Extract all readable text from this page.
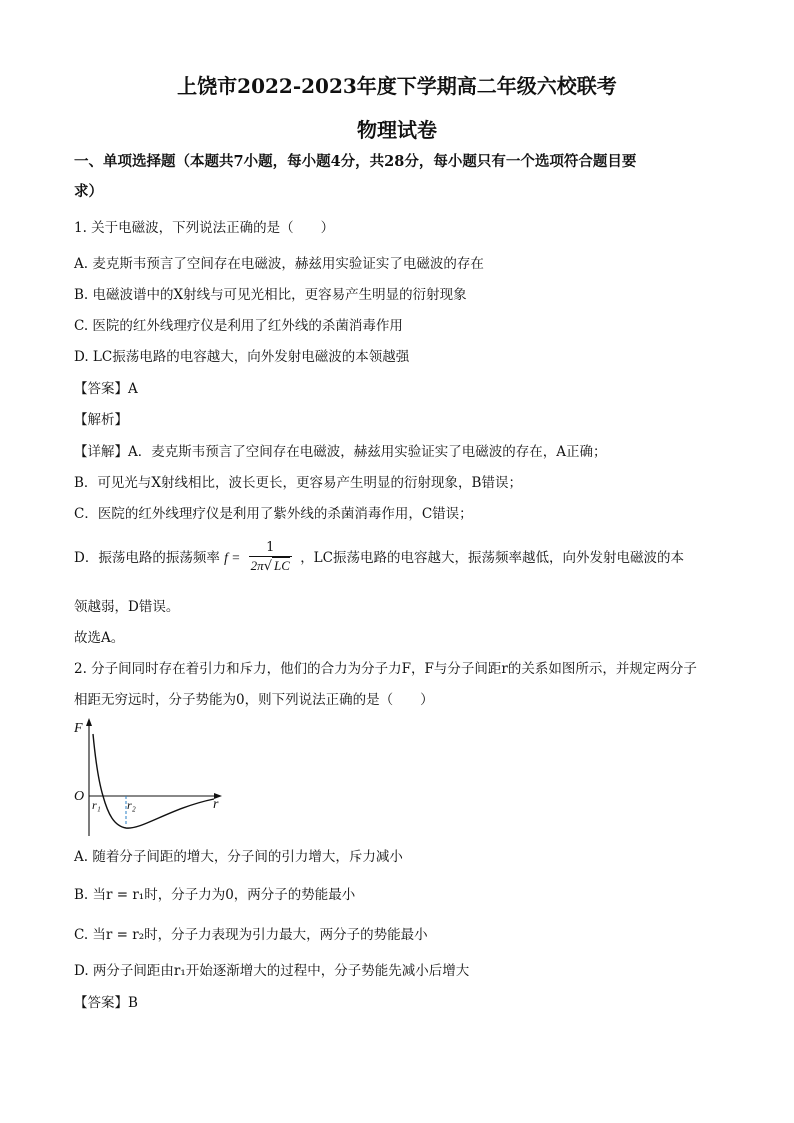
上饶市2022-2023年度下学期高二年级六校联考
物理试卷
一、单项选择题（本题共7小题，每小题4分，共28分，每小题只有一个选项符合题目要
求）
1. 关于电磁波，下列说法正确的是（　　）
A. 麦克斯韦预言了空间存在电磁波，赫兹用实验证实了电磁波的存在
B. 电磁波谱中的X射线与可见光相比，更容易产生明显的衍射现象
C. 医院的红外线理疗仪是利用了红外线的杀菌消毒作用
D. LC振荡电路的电容越大，向外发射电磁波的本领越强
【答案】A
【解析】
【详解】A．麦克斯韦预言了空间存在电磁波，赫兹用实验证实了电磁波的存在，A正确；
B．可见光与X射线相比，波长更长，更容易产生明显的衍射现象，B错误；
C．医院的红外线理疗仪是利用了紫外线的杀菌消毒作用，C错误；
D．振荡电路的振荡频率 $f = \frac{1}{2\pi√ LC}$ ，LC振荡电路的电容越大，振荡频率越低，向外发射电磁波的本
领越弱，D错误。
故选A。
2. 分子间同时存在着引力和斥力，他们的合力为分子力F，F与分子间距r的关系如图所示，并规定两分子
相距无穷远时，分子势能为0，则下列说法正确的是（　　）
F
O
r₁ r₂	r
A. 随着分子间距的增大，分子间的引力增大，斥力减小
B. 当r = r₁时，分子力为0，两分子的势能最小
C. 当r = r₂时，分子力表现为引力最大，两分子的势能最小
D. 两分子间距由r₁开始逐渐增大的过程中，分子势能先减小后增大
【答案】B
